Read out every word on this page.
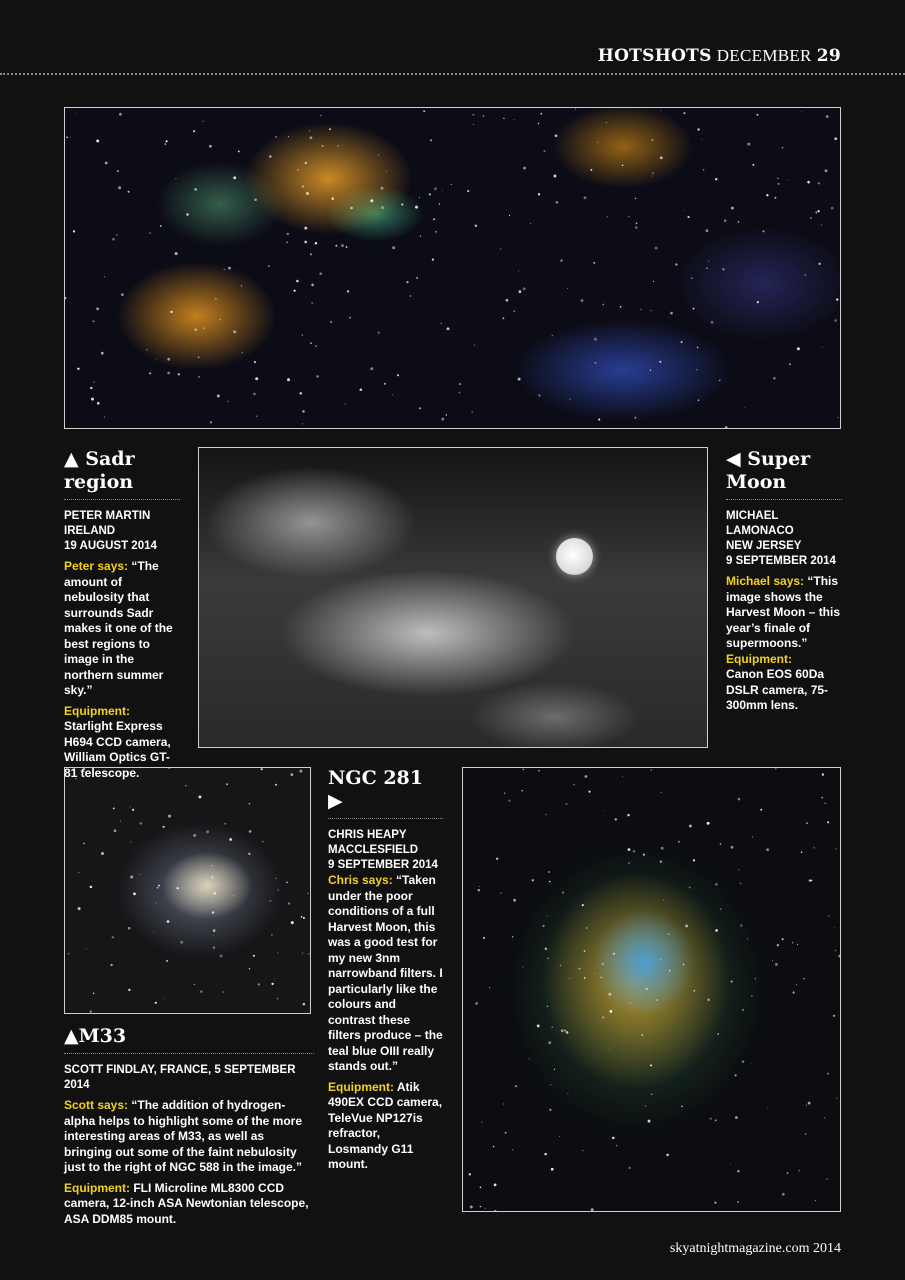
HOTSHOTS DECEMBER 29
▲ Sadr
region
PETER MARTIN
IRELAND
19 AUGUST 2014
Peter says: “The amount of nebulosity that surrounds Sadr makes it one of the best regions to image in the northern summer sky.”
Equipment:
Starlight Express H694 CCD camera, William Optics GT-81 telescope.
◀ Super
Moon
MICHAEL LAMONACO
NEW JERSEY
9 SEPTEMBER 2014
Michael says: “This image shows the Harvest Moon – this year’s finale of supermoons.”
Equipment:
Canon EOS 60Da DSLR camera, 75-300mm lens.
NGC 281 ▶
CHRIS HEAPY
MACCLESFIELD
9 SEPTEMBER 2014
Chris says: “Taken under the poor conditions of a full Harvest Moon, this was a good test for my new 3nm narrowband filters. I particularly like the colours and contrast these filters produce – the teal blue OIII really stands out.”
Equipment: Atik 490EX CCD camera, TeleVue NP127is refractor, Losmandy G11 mount.
▲M33
SCOTT FINDLAY, FRANCE, 5 SEPTEMBER 2014
Scott says: “The addition of hydrogen-alpha helps to highlight some of the more interesting areas of M33, as well as bringing out some of the faint nebulosity just to the right of NGC 588 in the image.”
Equipment: FLI Microline ML8300 CCD camera, 12-inch ASA Newtonian telescope, ASA DDM85 mount.
skyatnightmagazine.com 2014
